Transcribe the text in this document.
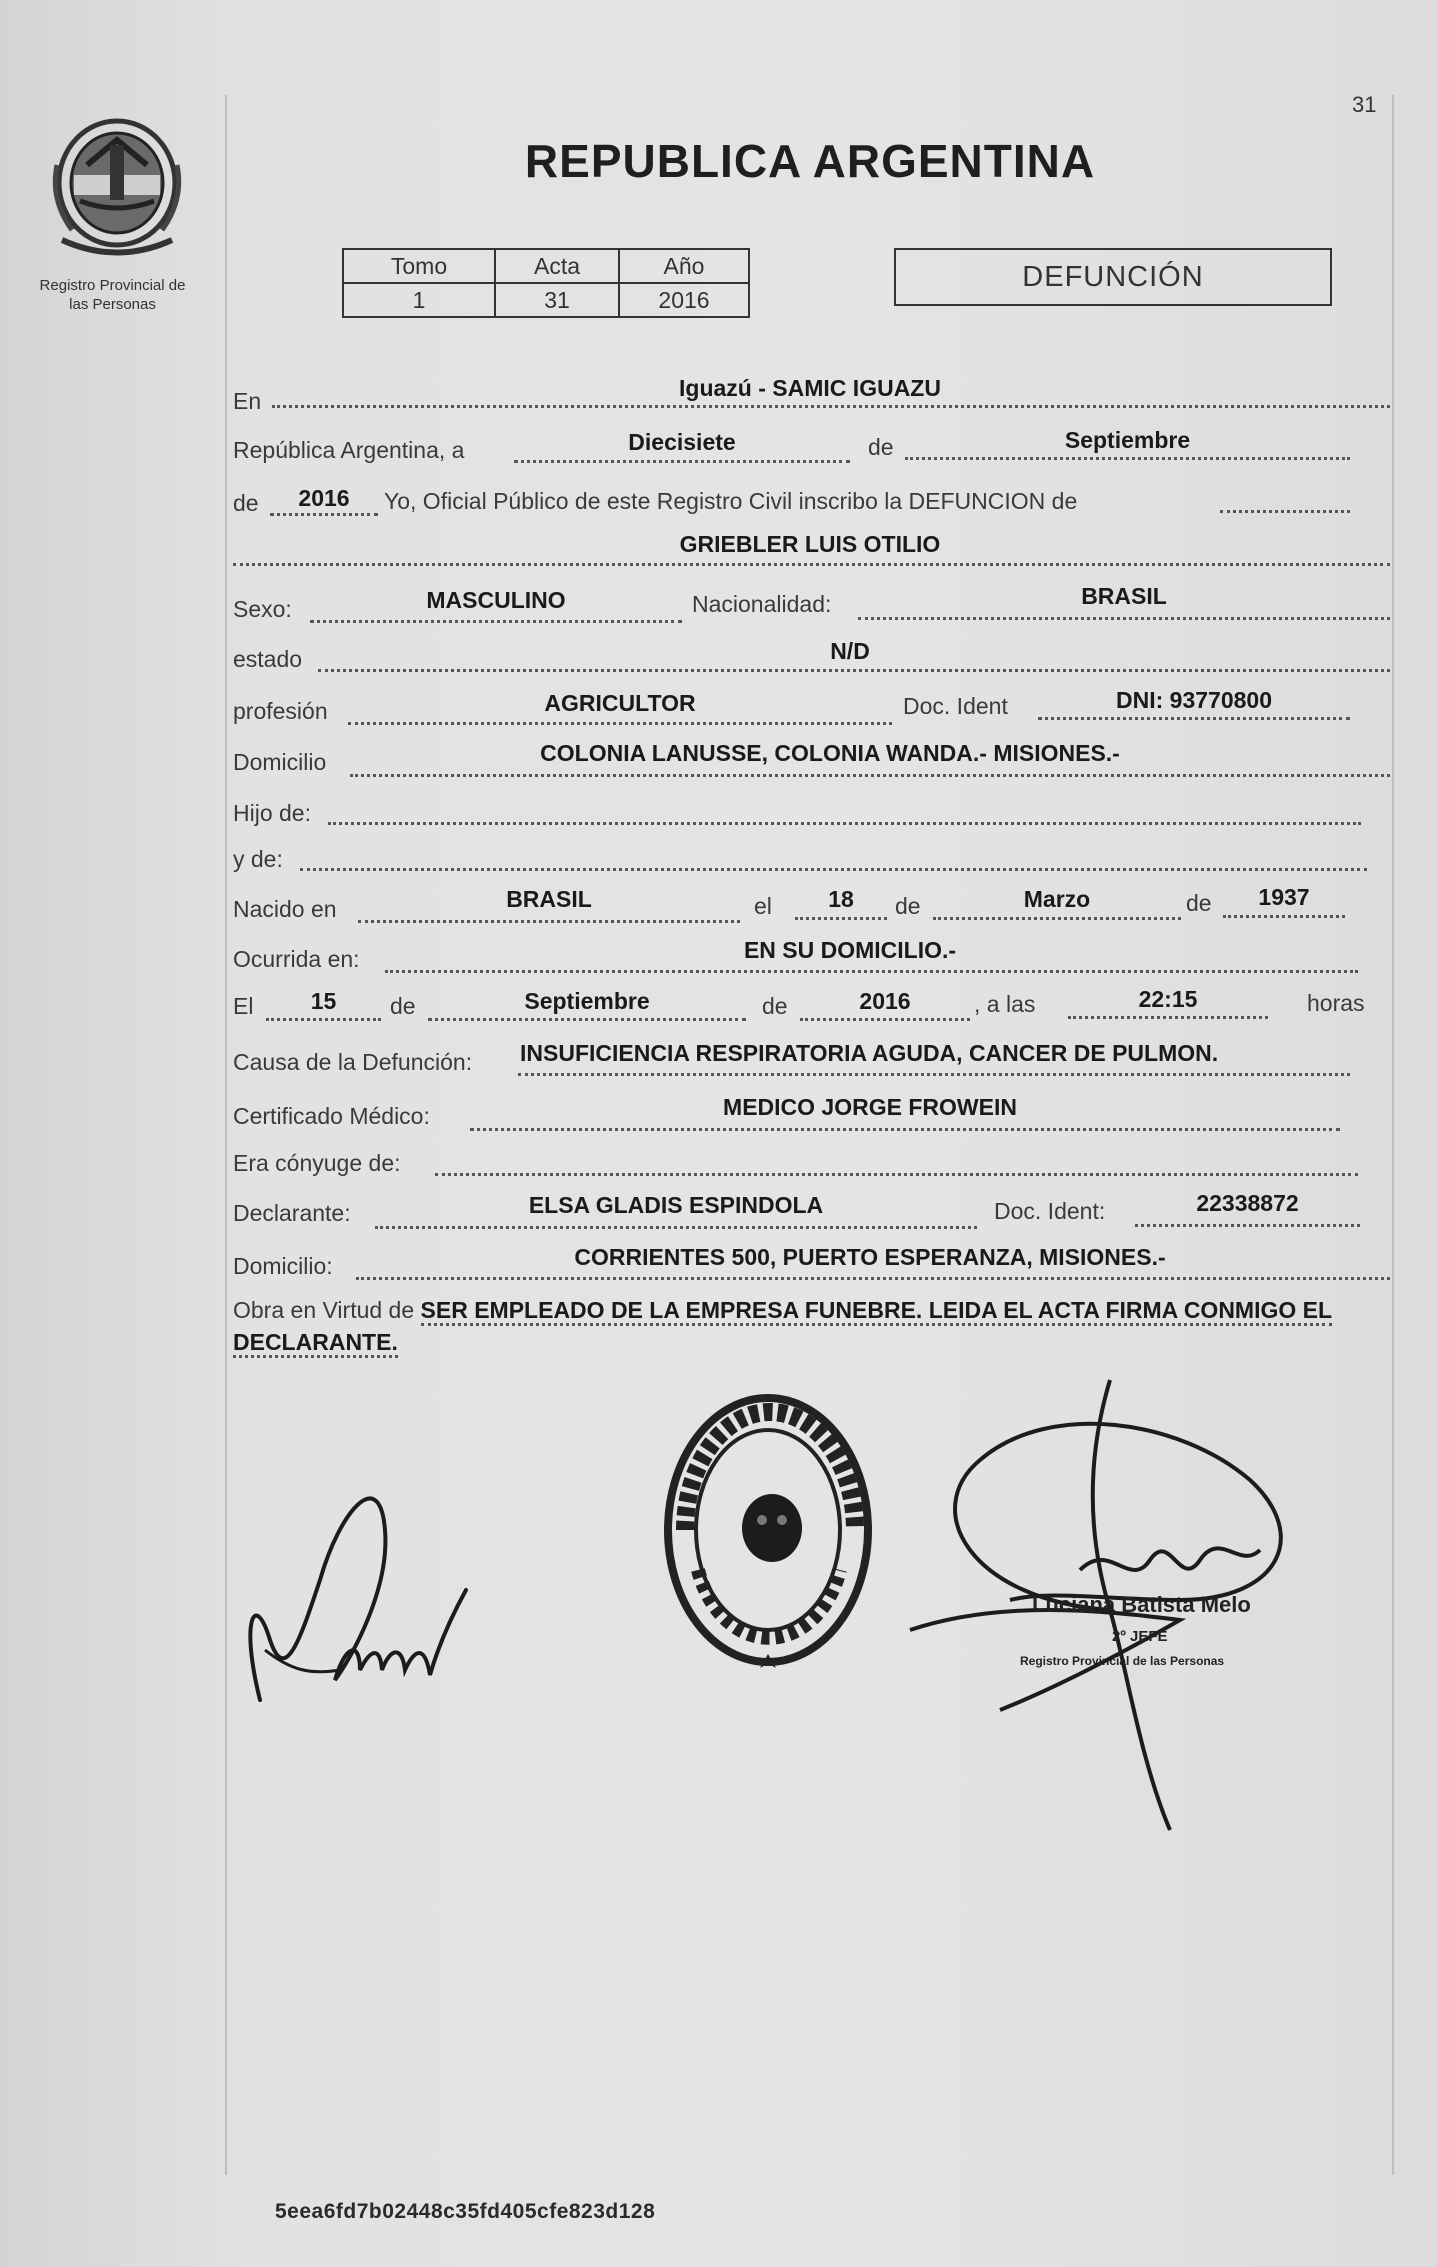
31
Registro Provincial de
las Personas
REPUBLICA ARGENTINA
Tomo	Acta	Año
1	31	2016
DEFUNCIÓN
En	Iguazú - SAMIC IGUAZU
República Argentina, a	Diecisiete	de	Septiembre
de	2016	Yo, Oficial Público de este Registro Civil inscribo la DEFUNCION de
GRIEBLER LUIS OTILIO
Sexo:	MASCULINO	Nacionalidad:	BRASIL
estado	N/D
profesión	AGRICULTOR	Doc. Ident	DNI: 93770800
Domicilio	COLONIA LANUSSE, COLONIA WANDA.- MISIONES.-
Hijo de:
y de:
Nacido en	BRASIL	el	18	de	Marzo	de	1937
Ocurrida en:	EN SU DOMICILIO.-
El	15	de	Septiembre	de	2016	, a las	22:15	horas
Causa de la Defunción: INSUFICIENCIA RESPIRATORIA AGUDA, CANCER DE PULMON.
Certificado Médico:	MEDICO JORGE FROWEIN
Era cónyuge de:
Declarante:	ELSA GLADIS ESPINDOLA	Doc. Ident:	22338872
Domicilio:	CORRIENTES 500, PUERTO ESPERANZA, MISIONES.-
Obra en Virtud de SER EMPLEADO DE LA EMPRESA FUNEBRE. LEIDA EL ACTA FIRMA CONMIGO EL DECLARANTE.
Luciana Batista Melo
2º JEFE
Registro Provincial de las Personas
5eea6fd7b02448c35fd405cfe823d128
